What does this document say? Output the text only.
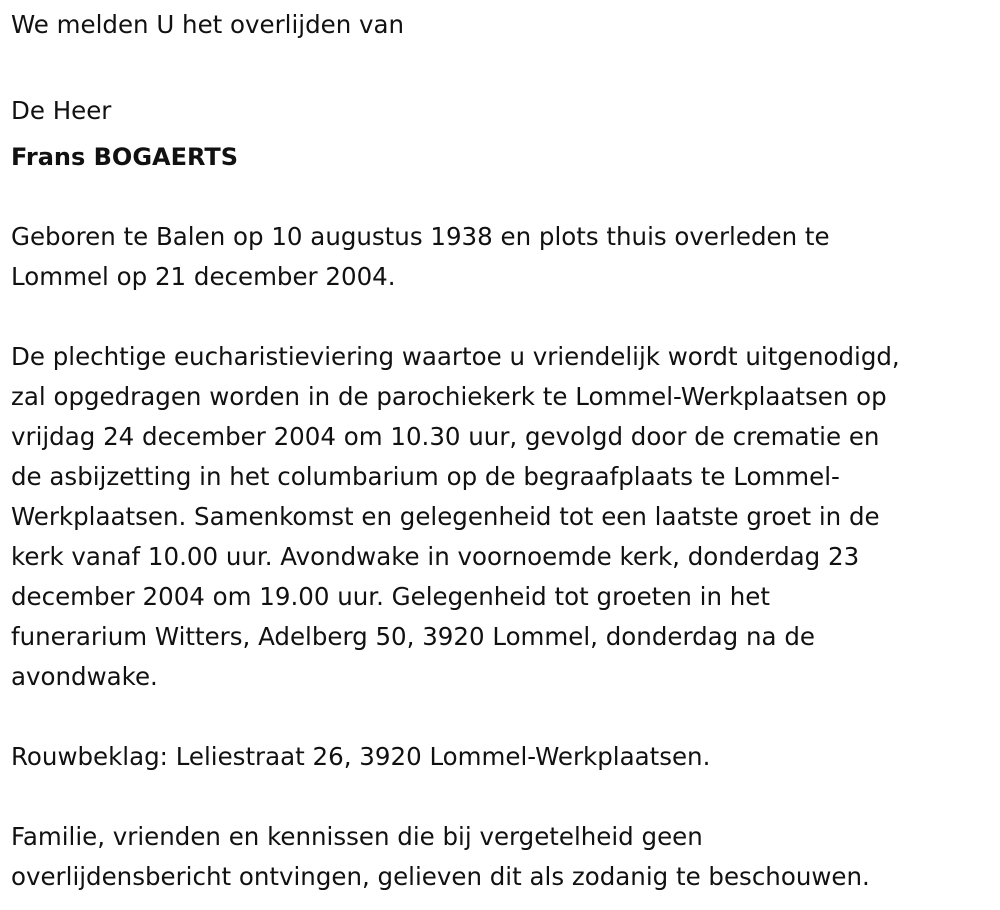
We melden U het overlijden van

De Heer

Frans BOGAERTS

Geboren te Balen op 10 augustus 1938 en plots thuis overleden te

Lommel op 21 december 2004.

De plechtige eucharistieviering waartoe u vriendelijk wordt uitgenodigd,

zal opgedragen worden in de parochiekerk te Lommel-Werkplaatsen op

vrijdag 24 december 2004 om 10.30 uur, gevolgd door de crematie en

de asbijzetting in het columbarium op de begraafplaats te Lommel-

Werkplaatsen. Samenkomst en gelegenheid tot een laatste groet in de

kerk vanaf 10.00 uur. Avondwake in voornoemde kerk, donderdag 23

december 2004 om 19.00 uur. Gelegenheid tot groeten in het

funerarium Witters, Adelberg 50, 3920 Lommel, donderdag na de

avondwake.

Rouwbeklag: Leliestraat 26, 3920 Lommel-Werkplaatsen.

Familie, vrienden en kennissen die bij vergetelheid geen

overlijdensbericht ontvingen, gelieven dit als zodanig te beschouwen.
